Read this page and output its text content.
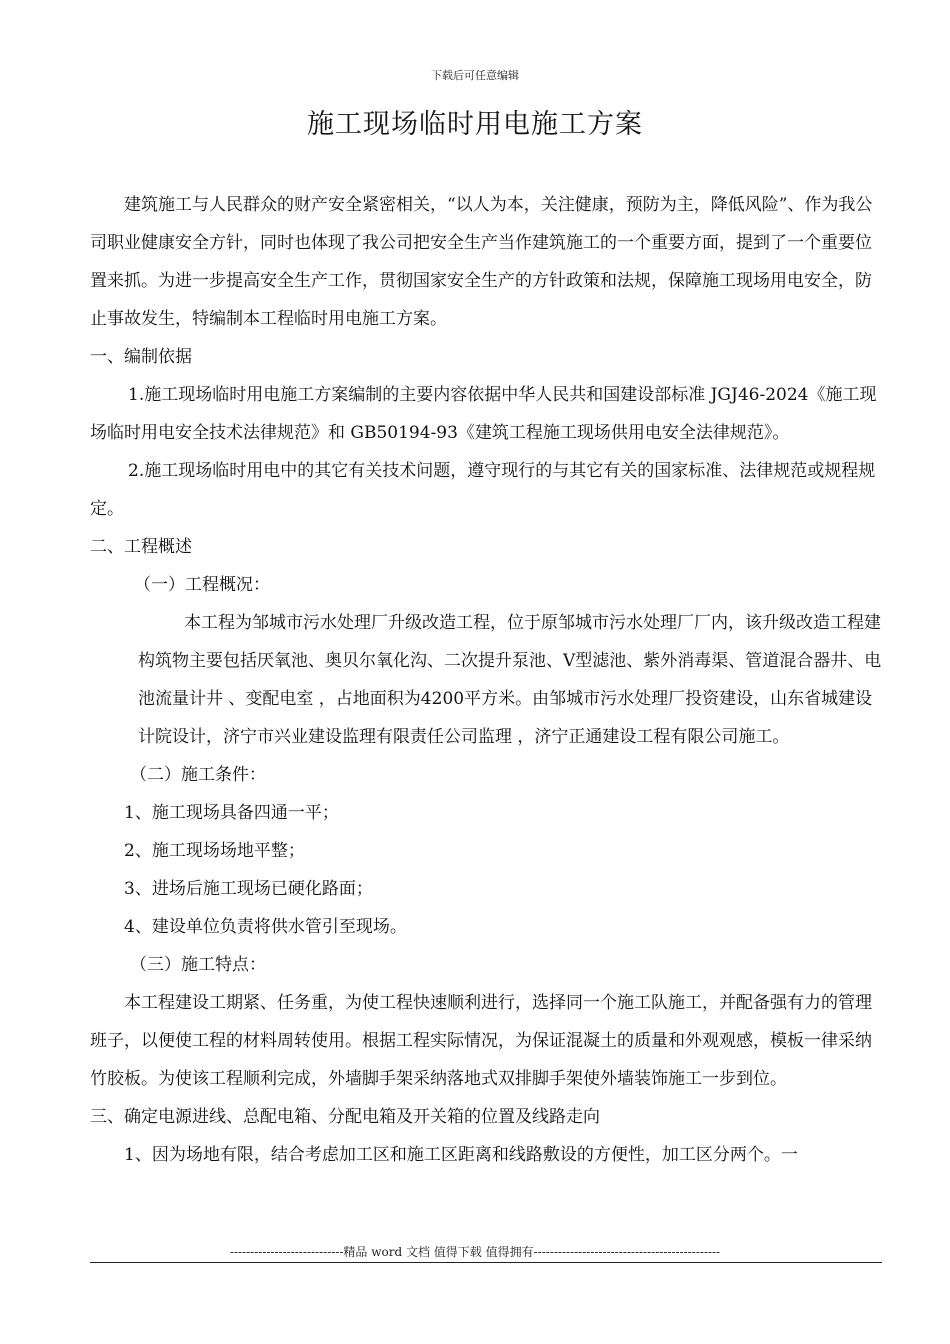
下载后可任意编辑
施工现场临时用电施工方案

建筑施工与人民群众的财产安全紧密相关，“以人为本，关注健康，预防为主，降低风险”、作为我公司职业健康安全方针，同时也体现了我公司把安全生产当作建筑施工的一个重要方面，提到了一个重要位置来抓。为进一步提高安全生产工作，贯彻国家安全生产的方针政策和法规，保障施工现场用电安全，防止事故发生，特编制本工程临时用电施工方案。

一、编制依据

1.施工现场临时用电施工方案编制的主要内容依据中华人民共和国建设部标准 JGJ46-2024《施工现场临时用电安全技术法律规范》和 GB50194-93《建筑工程施工现场供用电安全法律规范》。

2.施工现场临时用电中的其它有关技术问题，遵守现行的与其它有关的国家标准、法律规范或规程规定。

二、工程概述

（一）工程概况：

本工程为邹城市污水处理厂升级改造工程，位于原邹城市污水处理厂厂内，该升级改造工程建构筑物主要包括厌氧池、奥贝尔氧化沟、二次提升泵池、V型滤池、紫外消毒渠、管道混合器井、电池流量计井 、变配电室 ，占地面积为4200平方米。由邹城市污水处理厂投资建设，山东省城建设计院设计，济宁市兴业建设监理有限责任公司监理 ，济宁正通建设工程有限公司施工。

（二）施工条件：

1、施工现场具备四通一平；

2、施工现场场地平整；

3、进场后施工现场已硬化路面；

4、建设单位负责将供水管引至现场。

（三）施工特点：

本工程建设工期紧、任务重，为使工程快速顺利进行，选择同一个施工队施工，并配备强有力的管理班子，以便使工程的材料周转使用。根据工程实际情况，为保证混凝土的质量和外观观感，模板一律采纳竹胶板。为使该工程顺利完成，外墙脚手架采纳落地式双排脚手架使外墙装饰施工一步到位。

三、确定电源进线、总配电箱、分配电箱及开关箱的位置及线路走向

1、因为场地有限，结合考虑加工区和施工区距离和线路敷设的方便性，加工区分两个。一

----------------------------精品 word 文档 值得下载 值得拥有----------------------------------------------
